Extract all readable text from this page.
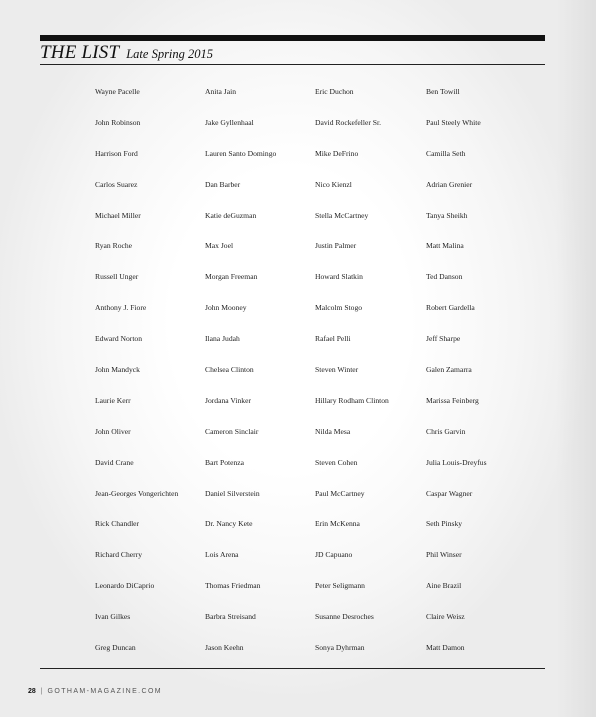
THE LIST Late Spring 2015
Wayne Pacelle	Anita Jain	Eric Duchon	Ben Towill
John Robinson	Jake Gyllenhaal	David Rockefeller Sr.	Paul Steely White
Harrison Ford	Lauren Santo Domingo	Mike DeFrino	Camilla Seth
Carlos Suarez	Dan Barber	Nico Kienzl	Adrian Grenier
Michael Miller	Katie deGuzman	Stella McCartney	Tanya Sheikh
Ryan Roche	Max Joel	Justin Palmer	Matt Malina
Russell Unger	Morgan Freeman	Howard Slatkin	Ted Danson
Anthony J. Fiore	John Mooney	Malcolm Stogo	Robert Gardella
Edward Norton	Ilana Judah	Rafael Pelli	Jeff Sharpe
John Mandyck	Chelsea Clinton	Steven Winter	Galen Zamarra
Laurie Kerr	Jordana Vinker	Hillary Rodham Clinton	Marissa Feinberg
John Oliver	Cameron Sinclair	Nilda Mesa	Chris Garvin
David Crane	Bart Potenza	Steven Cohen	Julia Louis-Dreyfus
Jean-Georges Vongerichten	Daniel Silverstein	Paul McCartney	Caspar Wagner
Rick Chandler	Dr. Nancy Kete	Erin McKenna	Seth Pinsky
Richard Cherry	Lois Arena	JD Capuano	Phil Winser
Leonardo DiCaprio	Thomas Friedman	Peter Seligmann	Aine Brazil
Ivan Gilkes	Barbra Streisand	Susanne Desroches	Claire Weisz
Greg Duncan	Jason Keehn	Sonya Dyhrman	Matt Damon
28 | GOTHAM-MAGAZINE.COM
